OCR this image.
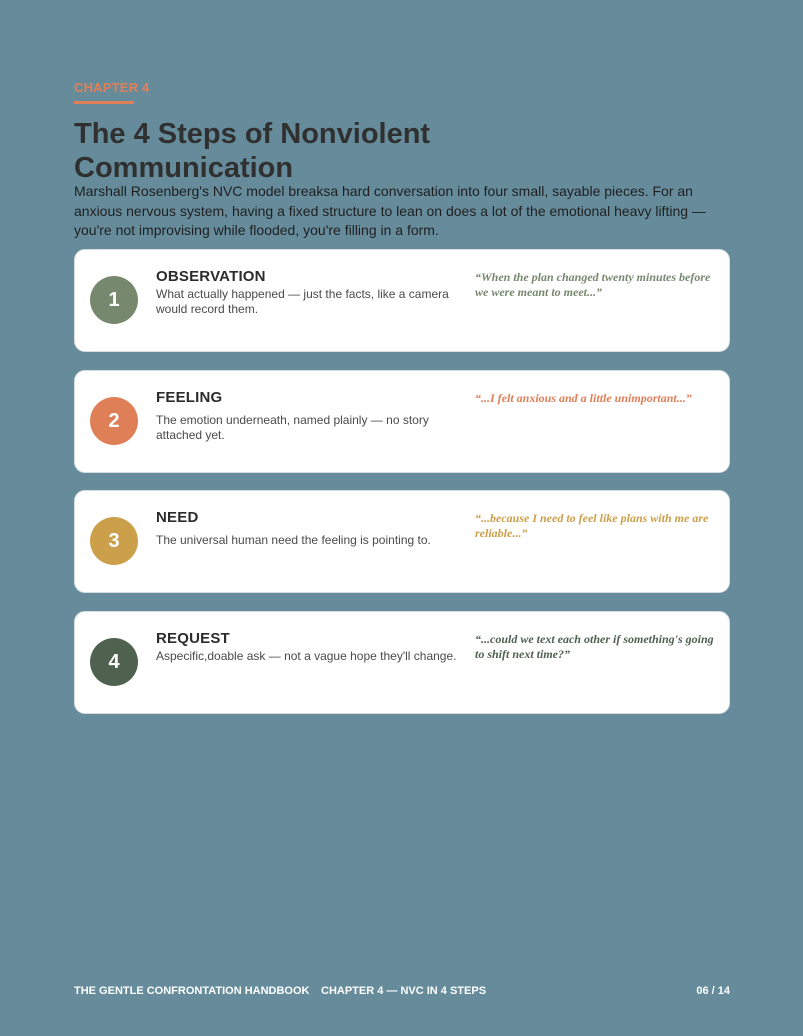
CHAPTER 4
The 4 Steps of Nonviolent Communication

Marshall Rosenberg's NVC model breaksa hard conversation into four small, sayable pieces. For an anxious nervous system, having a fixed structure to lean on does a lot of the emotional heavy lifting — you're not improvising while flooded, you're filling in a form.

1
OBSERVATION
What actually happened — just the facts, like a camera would record them.
“When the plan changed twenty minutes before we were meant to meet...”
2
FEELING
The emotion underneath, named plainly — no story attached yet.
“...I felt anxious and a little unimportant...”
3
NEED
The universal human need the feeling is pointing to.
“...because I need to feel like plans with me are reliable...”
4
REQUEST
Aspecific,doable ask — not a vague hope they'll change.
“...could we text each other if something's going to shift next time?”
THE GENTLE CONFRONTATION HANDBOOK CHAPTER 4 — NVC IN 4 STEPS	06 / 14
